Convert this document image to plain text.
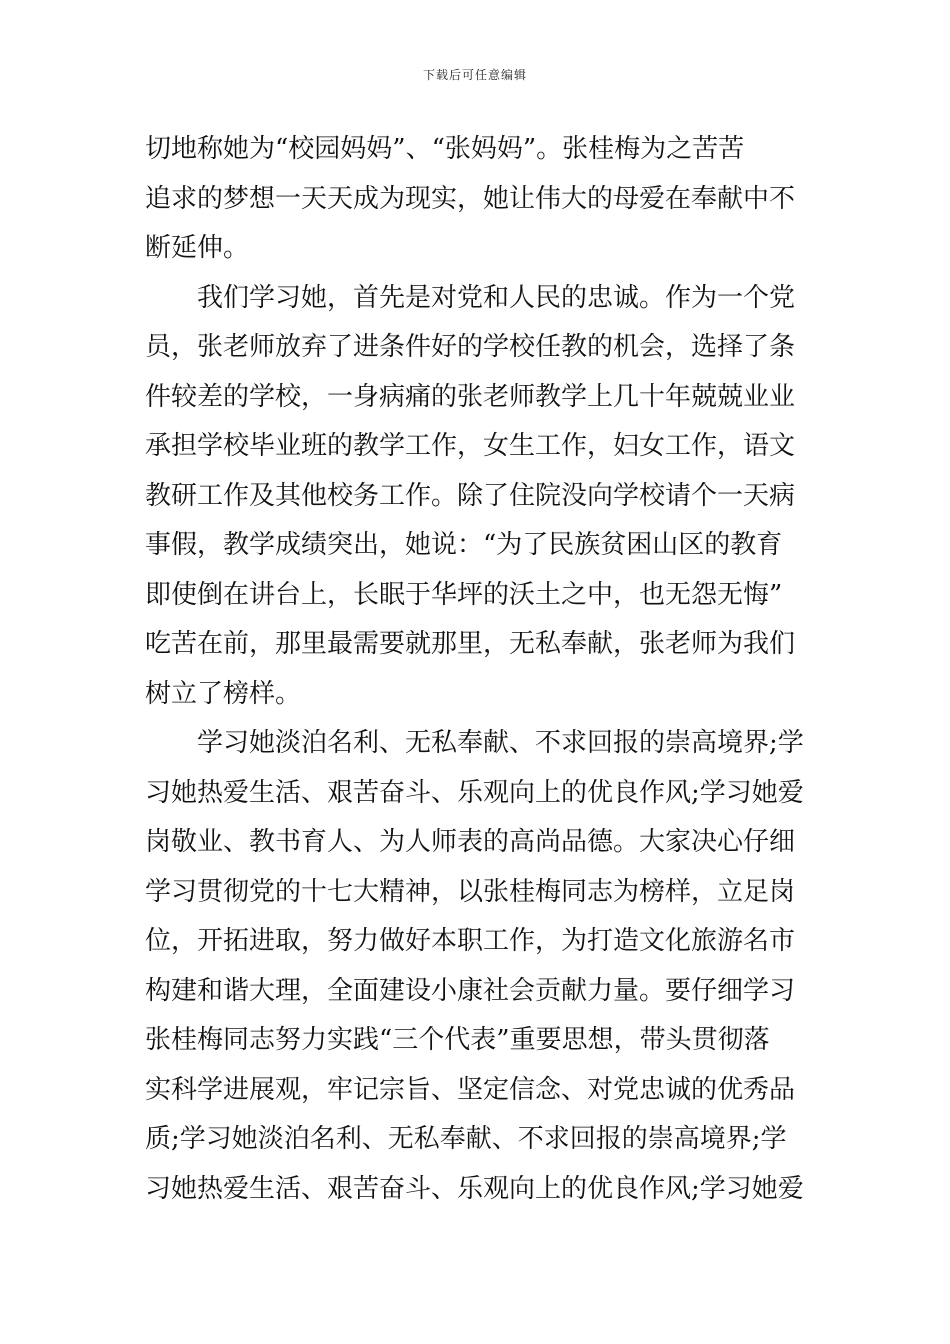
下载后可任意编辑
切地称她为“校园妈妈”、“张妈妈”。张桂梅为之苦苦
追求的梦想一天天成为现实，她让伟大的母爱在奉献中不
断延伸。
我们学习她，首先是对党和人民的忠诚。作为一个党
员，张老师放弃了进条件好的学校任教的机会，选择了条
件较差的学校，一身病痛的张老师教学上几十年兢兢业业
承担学校毕业班的教学工作，女生工作，妇女工作，语文
教研工作及其他校务工作。除了住院没向学校请个一天病
事假，教学成绩突出，她说：“为了民族贫困山区的教育
即使倒在讲台上，长眠于华坪的沃土之中，也无怨无悔”
吃苦在前，那里最需要就那里，无私奉献，张老师为我们
树立了榜样。
学习她淡泊名利、无私奉献、不求回报的崇高境界;学
习她热爱生活、艰苦奋斗、乐观向上的优良作风;学习她爱
岗敬业、教书育人、为人师表的高尚品德。大家决心仔细
学习贯彻党的十七大精神，以张桂梅同志为榜样，立足岗
位，开拓进取，努力做好本职工作，为打造文化旅游名市
构建和谐大理，全面建设小康社会贡献力量。要仔细学习
张桂梅同志努力实践“三个代表”重要思想，带头贯彻落
实科学进展观，牢记宗旨、坚定信念、对党忠诚的优秀品
质;学习她淡泊名利、无私奉献、不求回报的崇高境界;学
习她热爱生活、艰苦奋斗、乐观向上的优良作风;学习她爱
